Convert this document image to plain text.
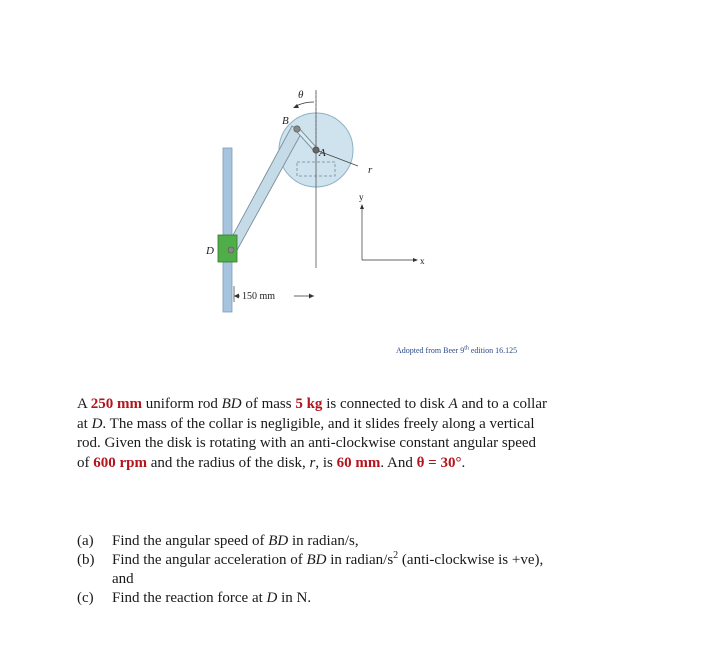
θ
B
A
r
D
y
x
150 mm
Adopted from Beer 9th edition 16.125
A 250 mm uniform rod BD of mass 5 kg is connected to disk A and to a collar at D. The mass of the collar is negligible, and it slides freely along a vertical rod. Given the disk is rotating with an anti-clockwise constant angular speed of 600 rpm and the radius of the disk, r, is 60 mm. And θ = 30°.
(a)	Find the angular speed of BD in radian/s,
(b)	Find the angular acceleration of BD in radian/$s^2$ (anti-clockwise is +ve), and
(c)	Find the reaction force at D in N.
